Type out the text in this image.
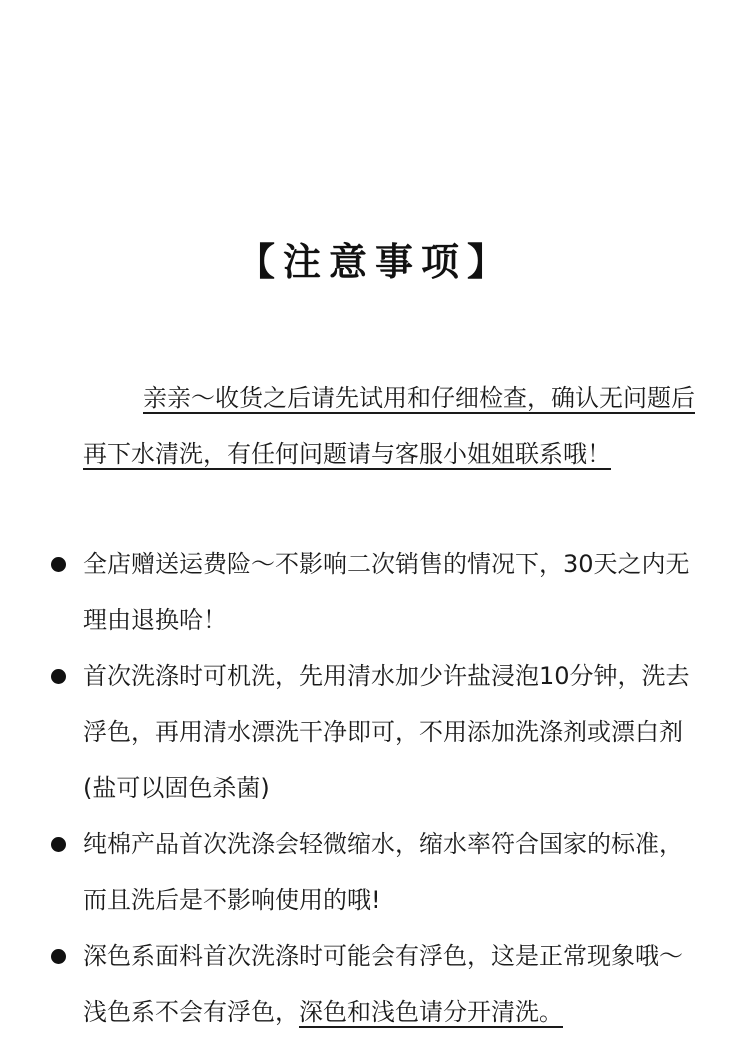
【注意事项】

亲亲～收货之后请先试用和仔细检查，确认无问题后再下水清洗，有任何问题请与客服小姐姐联系哦！

全店赠送运费险～不影响二次销售的情况下，30天之内无理由退换哈！
首次洗涤时可机洗，先用清水加少许盐浸泡10分钟，洗去浮色，再用清水漂洗干净即可，不用添加洗涤剂或漂白剂(盐可以固色杀菌)
纯棉产品首次洗涤会轻微缩水，缩水率符合国家的标准，而且洗后是不影响使用的哦!
深色系面料首次洗涤时可能会有浮色，这是正常现象哦～浅色系不会有浮色，深色和浅色请分开清洗。
